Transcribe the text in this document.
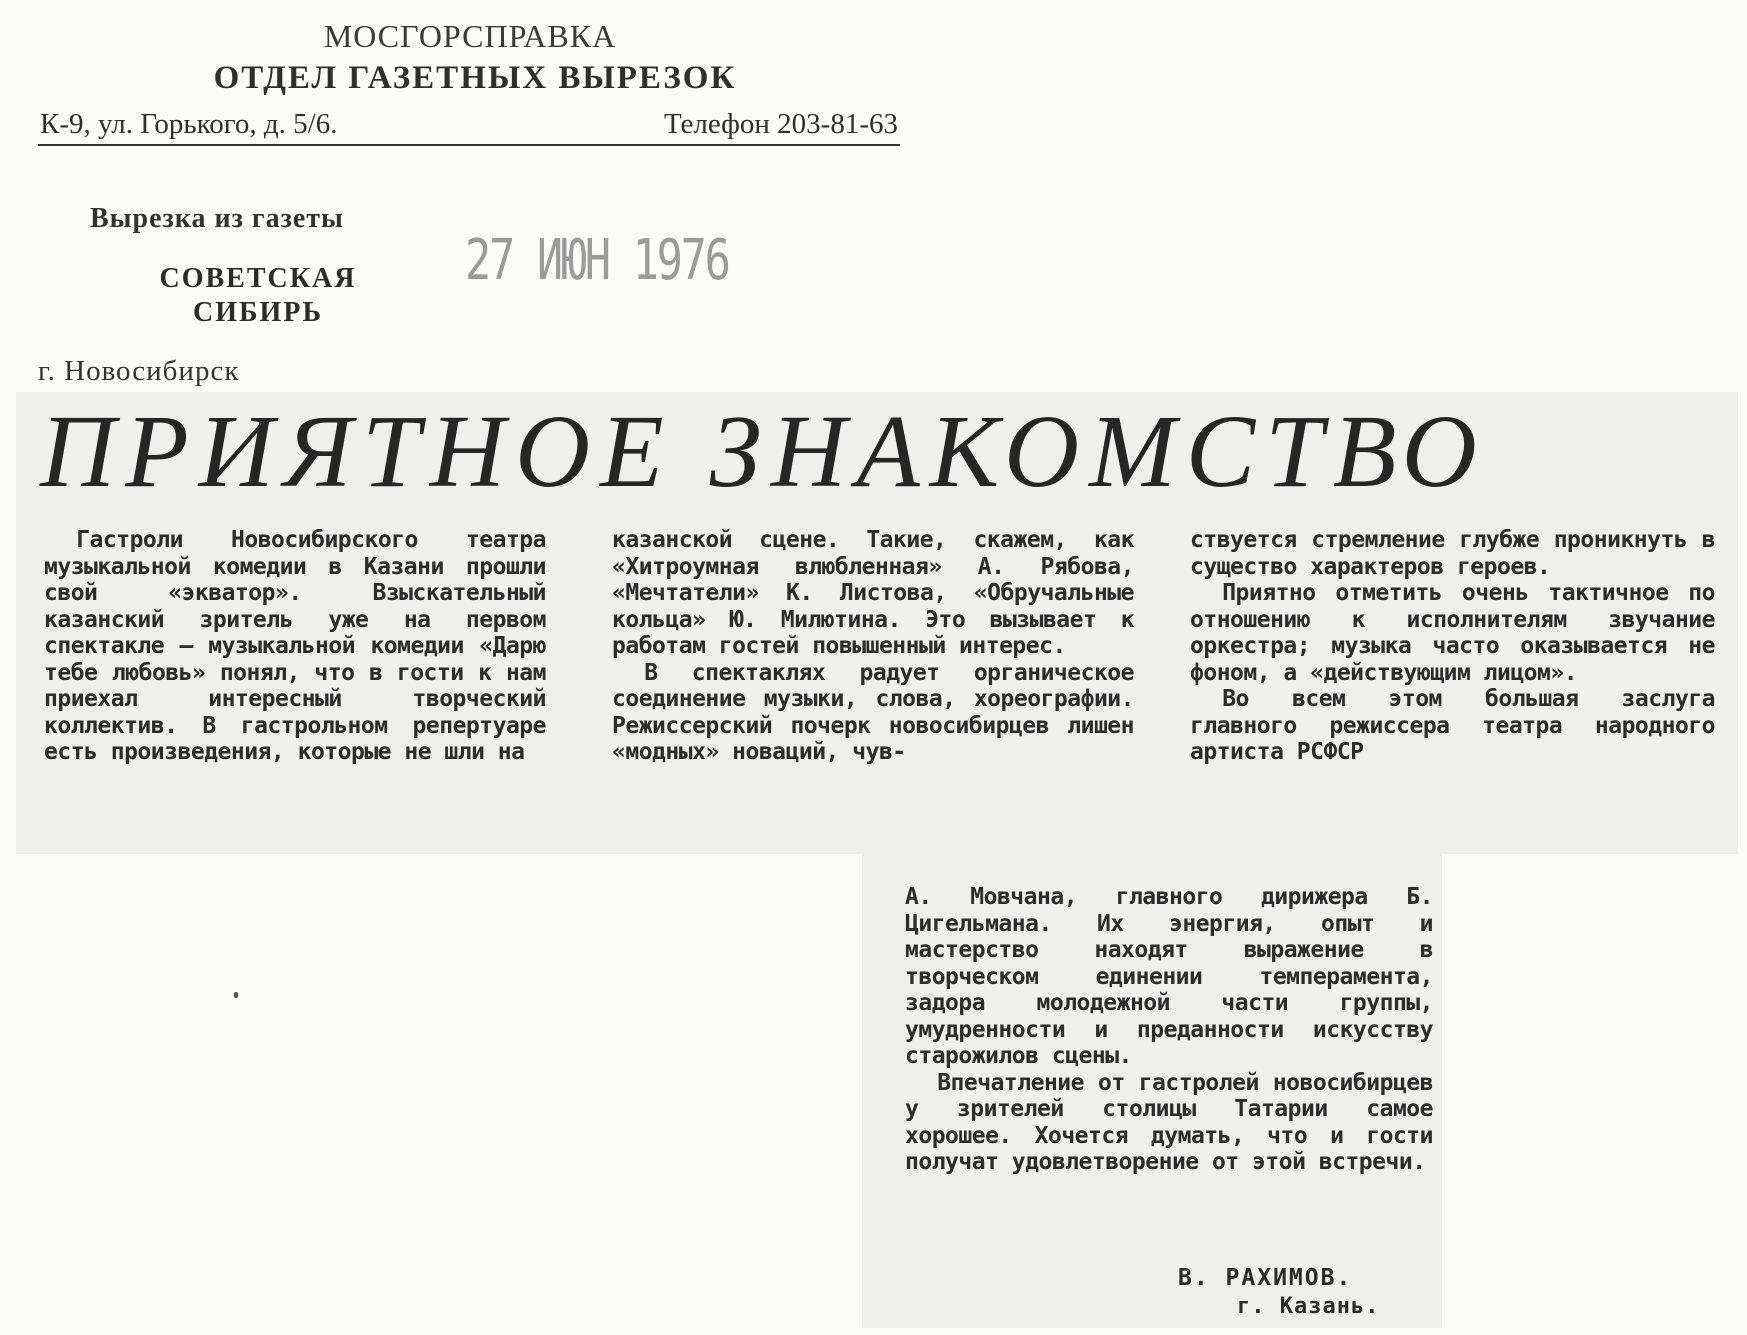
МОСГОРСПРАВКА
ОТДЕЛ ГАЗЕТНЫХ ВЫРЕЗОК
К-9, ул. Горького, д. 5/6.	Телефон 203-81-63
Вырезка из газеты
СОВЕТСКАЯ СИБИРЬ
27 ИЮН 1976
г. Новосибирск
ПРИЯТНОЕ ЗНАКОМСТВО

Гастроли Новосибирского театра музыкальной комедии в Казани прошли свой «экватор». Взыскательный казанский зритель уже на первом спектакле — музыкальной комедии «Дарю тебе любовь» понял, что в гости к нам приехал интересный творческий коллектив. В гастрольном репертуаре есть произведения, которые не шли на

казанской сцене. Такие, скажем, как «Хитроумная влюбленная» А. Рябова, «Мечтатели» К. Листова, «Обручальные кольца» Ю. Милютина. Это вызывает к работам гостей повышенный интерес.

В спектаклях радует органическое соединение музыки, слова, хореографии. Режиссерский почерк новосибирцев лишен «модных» новаций, чув-

ствуется стремление глубже проникнуть в существо характеров героев.

Приятно отметить очень тактичное по отношению к исполнителям звучание оркестра; музыка часто оказывается не фоном, а «действующим лицом».

Во всем этом большая заслуга главного режиссера театра народного артиста РСФСР

А. Мовчана, главного дирижера Б. Цигельмана. Их энергия, опыт и мастерство находят выражение в творческом единении темперамента, задора молодежной части группы, умудренности и преданности искусству старожилов сцены.

Впечатление от гастролей новосибирцев у зрителей столицы Татарии самое хорошее. Хочется думать, что и гости получат удовлетворение от этой встречи.

В. РАХИМОВ.
г. Казань.
